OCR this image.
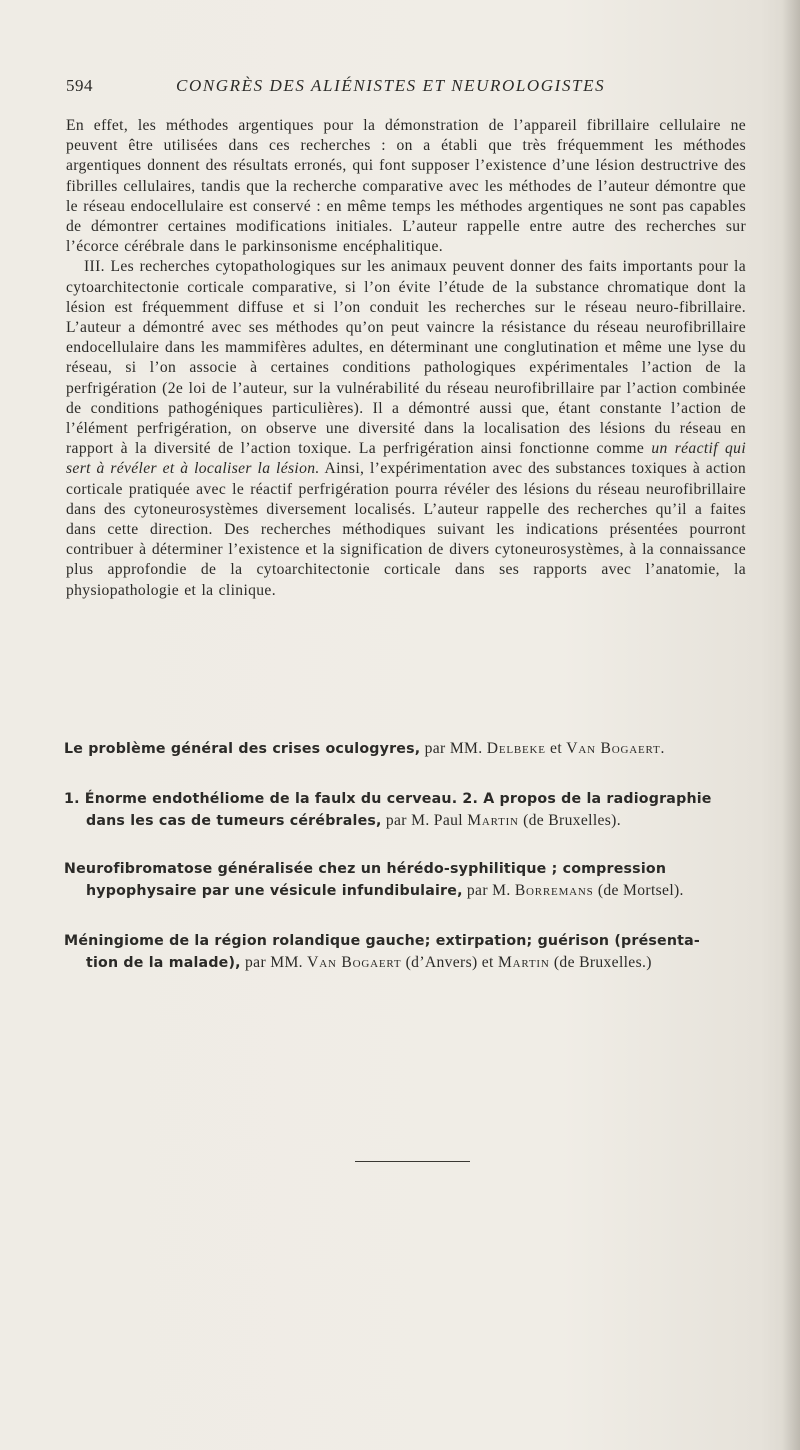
594	CONGRÈS DES ALIÉNISTES ET NEUROLOGISTES

En effet, les méthodes argentiques pour la démonstration de l’appareil fibrillaire cellulaire ne peuvent être utilisées dans ces recherches : on a établi que très fréquemment les méthodes argentiques donnent des résultats erronés, qui font supposer l’existence d’une lésion destructrive des fibrilles cellulaires, tandis que la recherche comparative avec les méthodes de l’auteur démontre que le réseau endocellulaire est conservé : en même temps les méthodes argentiques ne sont pas capables de démontrer certaines modifications initiales. L’auteur rappelle entre autre des recherches sur l’écorce cérébrale dans le parkinsonisme encéphalitique.

III. Les recherches cytopathologiques sur les animaux peuvent donner des faits importants pour la cytoarchitectonie corticale comparative, si l’on évite l’étude de la substance chromatique dont la lésion est fréquemment diffuse et si l’on conduit les recherches sur le réseau neuro-fibrillaire. L’auteur a démontré avec ses méthodes qu’on peut vaincre la résistance du réseau neurofibrillaire endocellulaire dans les mammifères adultes, en déterminant une conglutination et même une lyse du réseau, si l’on associe à certaines conditions pathologiques expérimentales l’action de la perfrigération (2e loi de l’auteur, sur la vulnérabilité du réseau neurofibrillaire par l’action combinée de conditions pathogéniques particulières). Il a démontré aussi que, étant constante l’action de l’élément perfrigération, on observe une diversité dans la localisation des lésions du réseau en rapport à la diversité de l’action toxique. La perfrigération ainsi fonctionne comme un réactif qui sert à révéler et à localiser la lésion. Ainsi, l’expérimentation avec des substances toxiques à action corticale pratiquée avec le réactif perfrigération pourra révéler des lésions du réseau neurofibrillaire dans des cytoneurosystèmes diversement localisés. L’auteur rappelle des recherches qu’il a faites dans cette direction. Des recherches méthodiques suivant les indications présentées pourront contribuer à déterminer l’existence et la signification de divers cytoneurosystèmes, à la connaissance plus approfondie de la cytoarchitectonie corticale dans ses rapports avec l’anatomie, la physiopathologie et la clinique.

Le problème général des crises oculogyres, par MM. Delbeke et Van Bogaert.
1. Énorme endothéliome de la faulx du cerveau. 2. A propos de la radiographie
dans les cas de tumeurs cérébrales, par M. Paul Martin (de Bruxelles).
Neurofibromatose généralisée chez un hérédo-syphilitique ; compression
hypophysaire par une vésicule infundibulaire, par M. Borremans (de Mortsel).
Méningiome de la région rolandique gauche; extirpation; guérison (présenta-
tion de la malade), par MM. Van Bogaert (d’Anvers) et Martin (de Bruxelles.)
